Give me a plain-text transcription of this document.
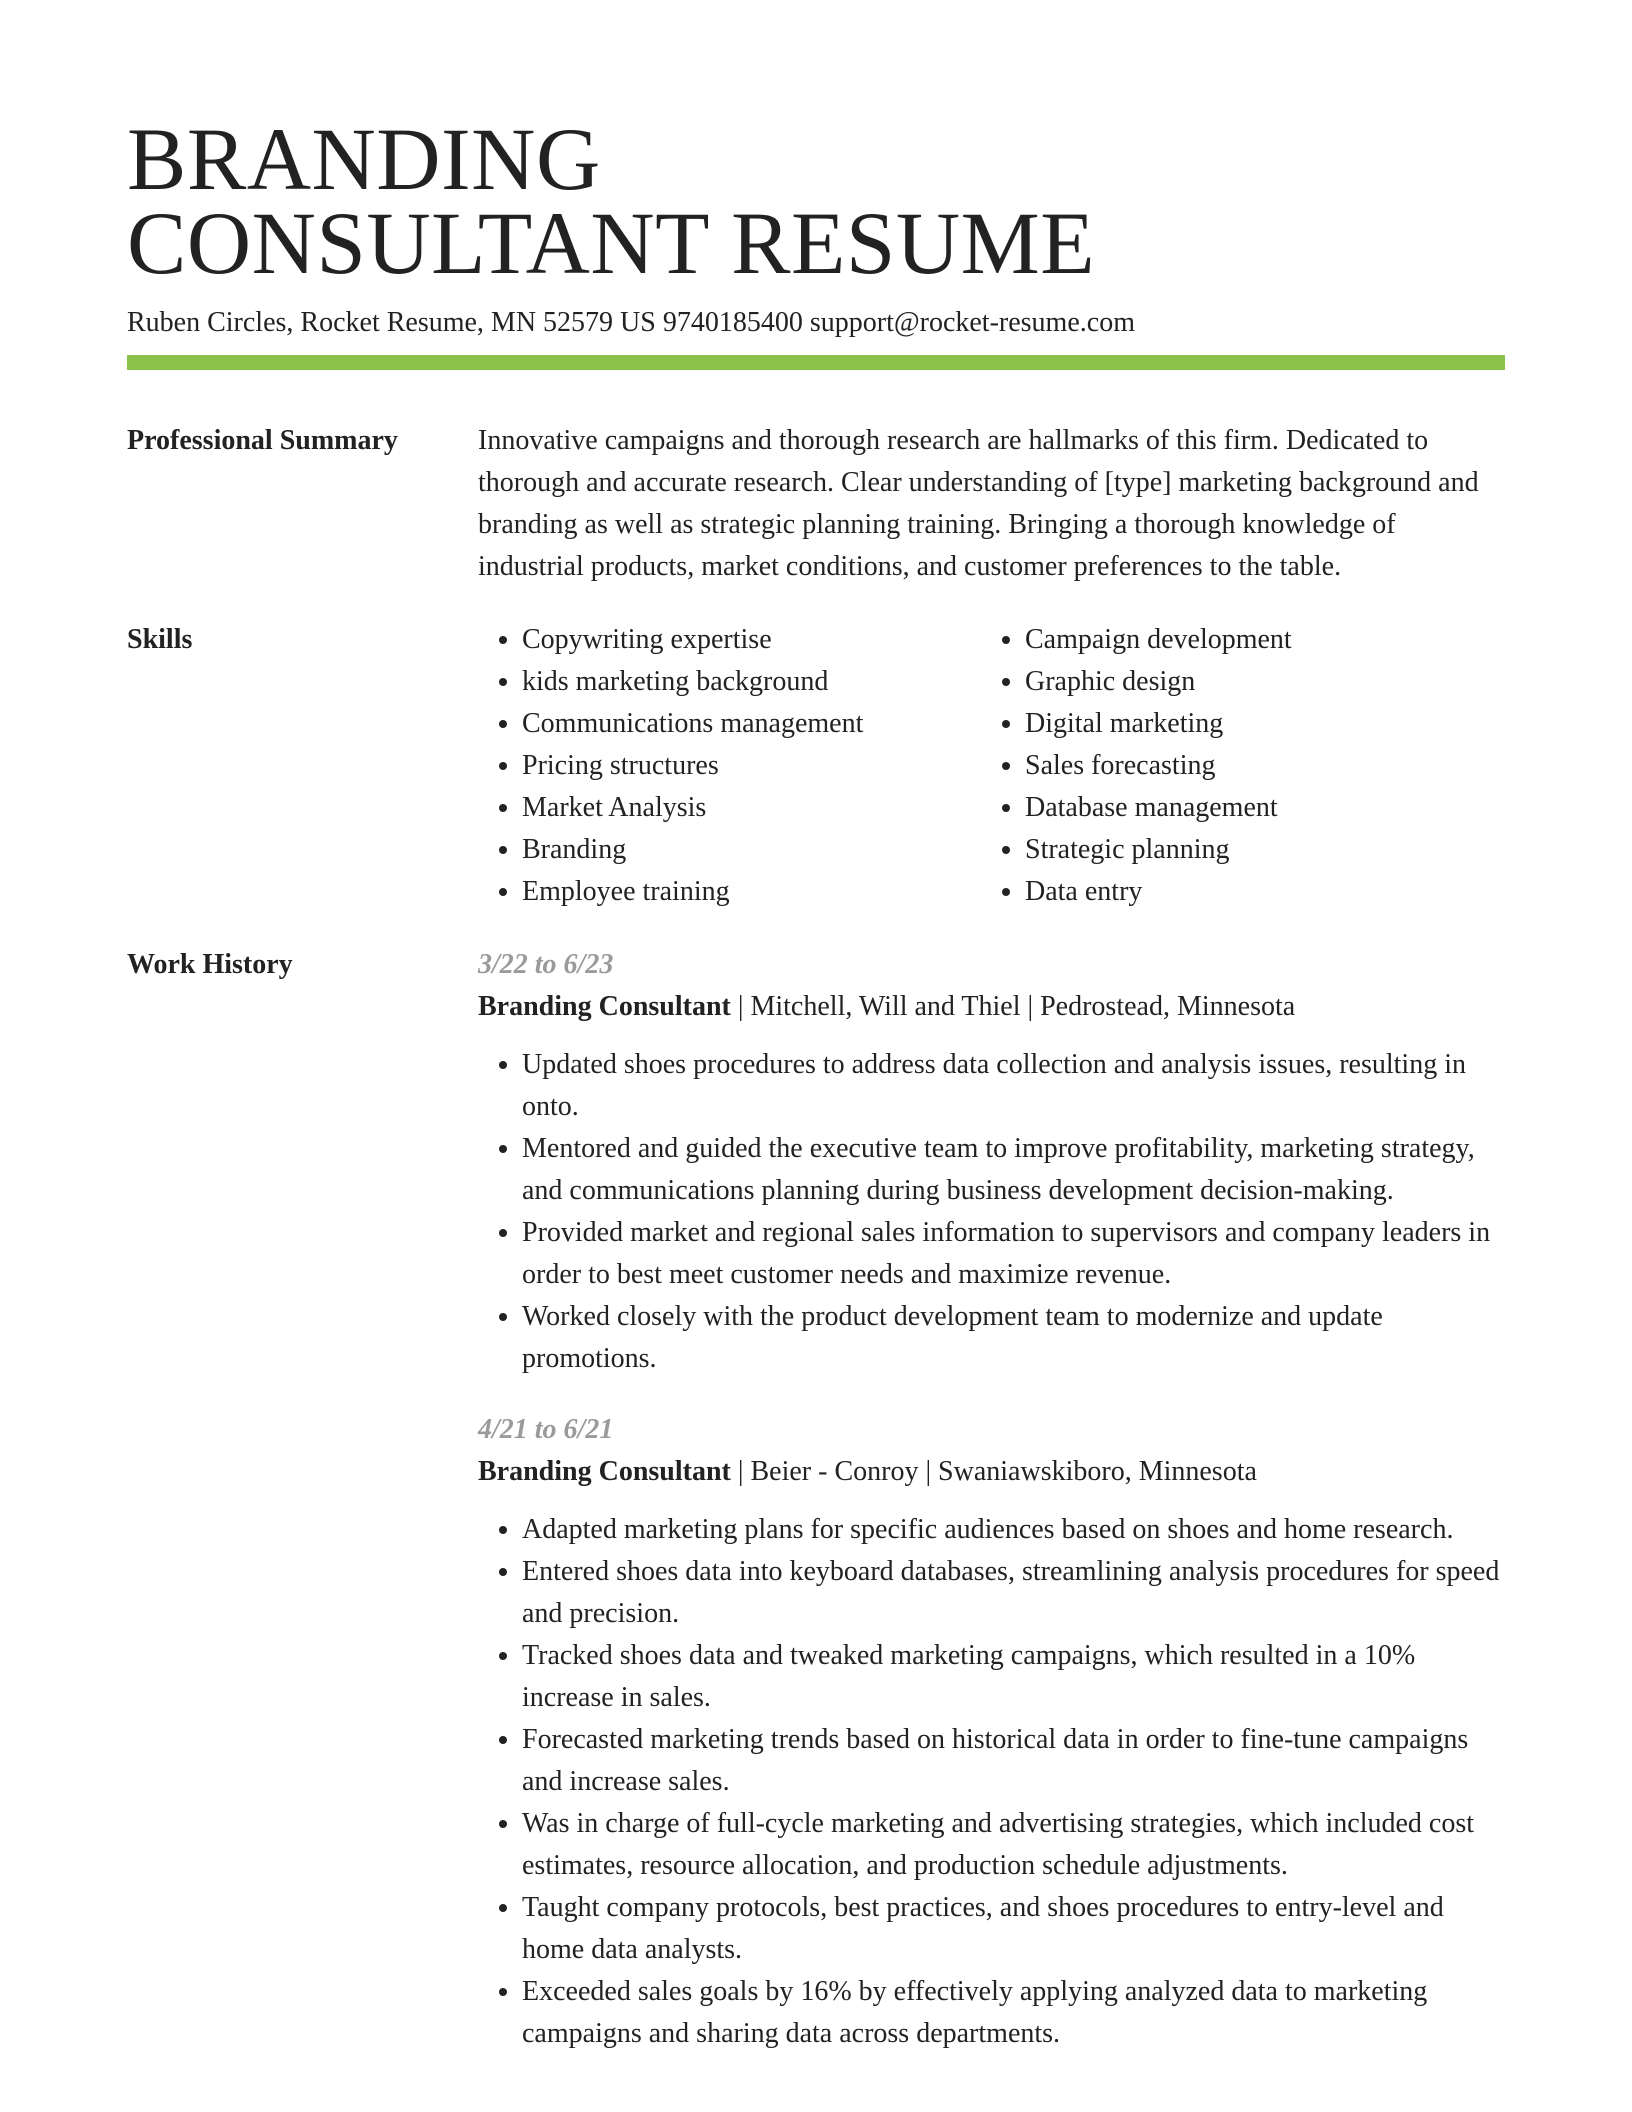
BRANDING
CONSULTANT RESUME
Ruben Circles, Rocket Resume, MN 52579 US 9740185400 support@rocket-resume.com
Professional Summary	Innovative campaigns and thorough research are hallmarks of this firm. Dedicated to thorough and accurate research. Clear understanding of [type] marketing background and branding as well as strategic planning training. Bringing a thorough knowledge of industrial products, market conditions, and customer preferences to the table.

Skills
•	Copywriting expertise
• kids marketing background
• Communications management
• Pricing structures
• Market Analysis
• Branding
• Employee training
• Campaign development
• Graphic design
• Digital marketing
• Sales forecasting
• Database management
• Strategic planning
• Data entry
Work History	3/22 to 6/23
Branding Consultant | Mitchell, Will and Thiel | Pedrostead, Minnesota
• Updated shoes procedures to address data collection and analysis issues, resulting in onto.
• Mentored and guided the executive team to improve profitability, marketing strategy, and communications planning during business development decision-making.
• Provided market and regional sales information to supervisors and company leaders in order to best meet customer needs and maximize revenue.
• Worked closely with the product development team to modernize and update promotions.
4/21 to 6/21
Branding Consultant | Beier - Conroy | Swaniawskiboro, Minnesota
• Adapted marketing plans for specific audiences based on shoes and home research.
• Entered shoes data into keyboard databases, streamlining analysis procedures for speed and precision.
• Tracked shoes data and tweaked marketing campaigns, which resulted in a 10% increase in sales.
• Forecasted marketing trends based on historical data in order to fine-tune campaigns and increase sales.
• Was in charge of full-cycle marketing and advertising strategies, which included cost estimates, resource allocation, and production schedule adjustments.
• Taught company protocols, best practices, and shoes procedures to entry-level and home data analysts.
• Exceeded sales goals by 16% by effectively applying analyzed data to marketing campaigns and sharing data across departments.
